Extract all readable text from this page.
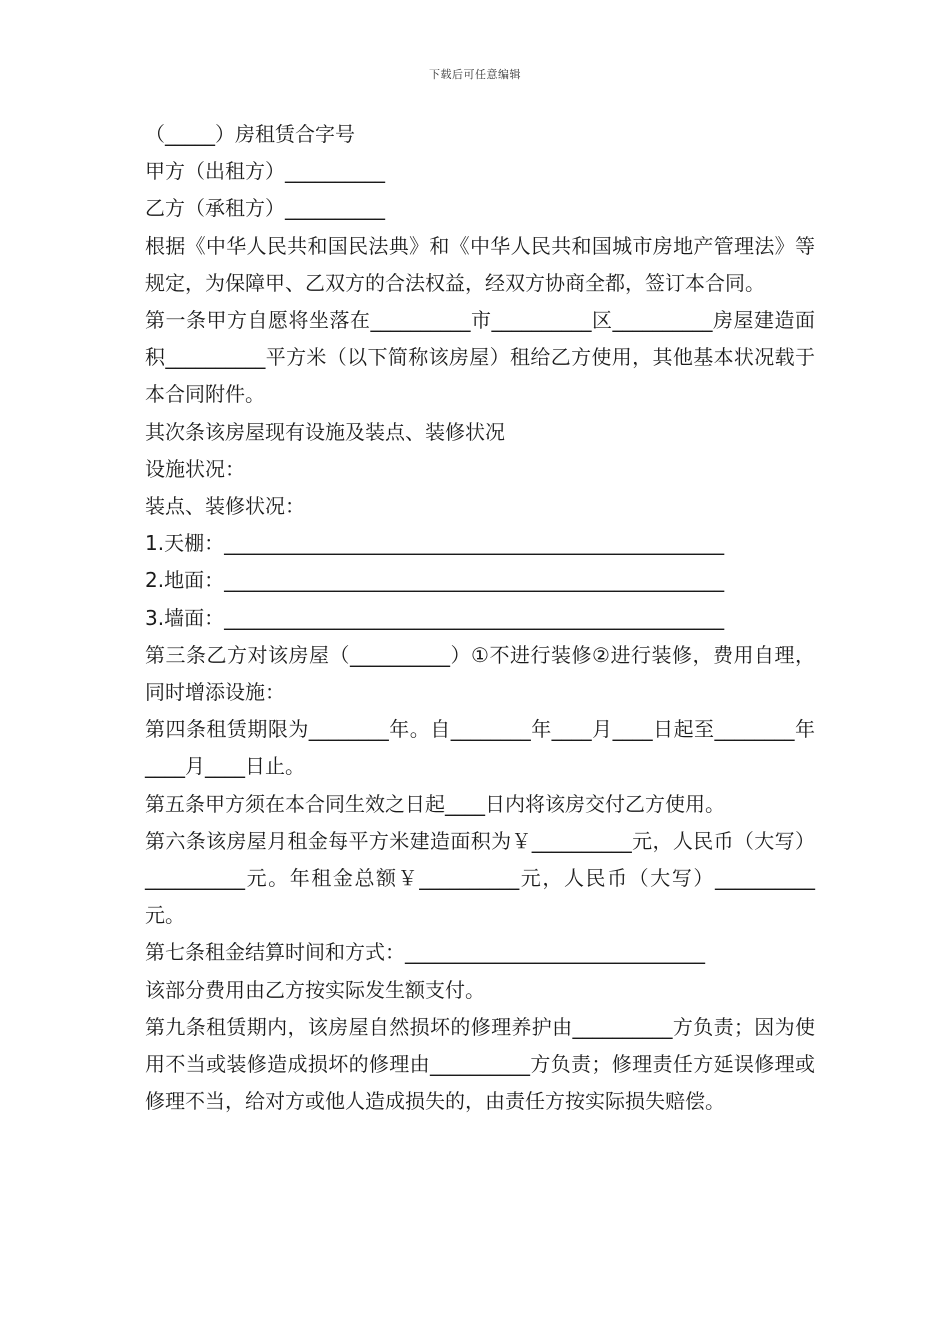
下载后可任意编辑

（_____）房租赁合字号

甲方（出租方）__________

乙方（承租方）__________

根据《中华人民共和国民法典》和《中华人民共和国城市房地产管理法》等规定，为保障甲、乙双方的合法权益，经双方协商全都，签订本合同。

第一条甲方自愿将坐落在__________市__________区__________房屋建造面积__________平方米（以下简称该房屋）租给乙方使用，其他基本状况载于本合同附件。

其次条该房屋现有设施及装点、装修状况

设施状况：

装点、装修状况：

1.天棚：__________________________________________________

2.地面：__________________________________________________

3.墙面：__________________________________________________

第三条乙方对该房屋（__________）①不进行装修②进行装修，费用自理，同时增添设施：

第四条租赁期限为________年。自________年____月____日起至________年____月____日止。

第五条甲方须在本合同生效之日起____日内将该房交付乙方使用。

第六条该房屋月租金每平方米建造面积为￥__________元，人民币（大写）__________元。年租金总额￥__________元，人民币（大写）__________元。

第七条租金结算时间和方式：______________________________

该部分费用由乙方按实际发生额支付。

第九条租赁期内，该房屋自然损坏的修理养护由__________方负责；因为使用不当或装修造成损坏的修理由__________方负责；修理责任方延误修理或修理不当，给对方或他人造成损失的，由责任方按实际损失赔偿。
